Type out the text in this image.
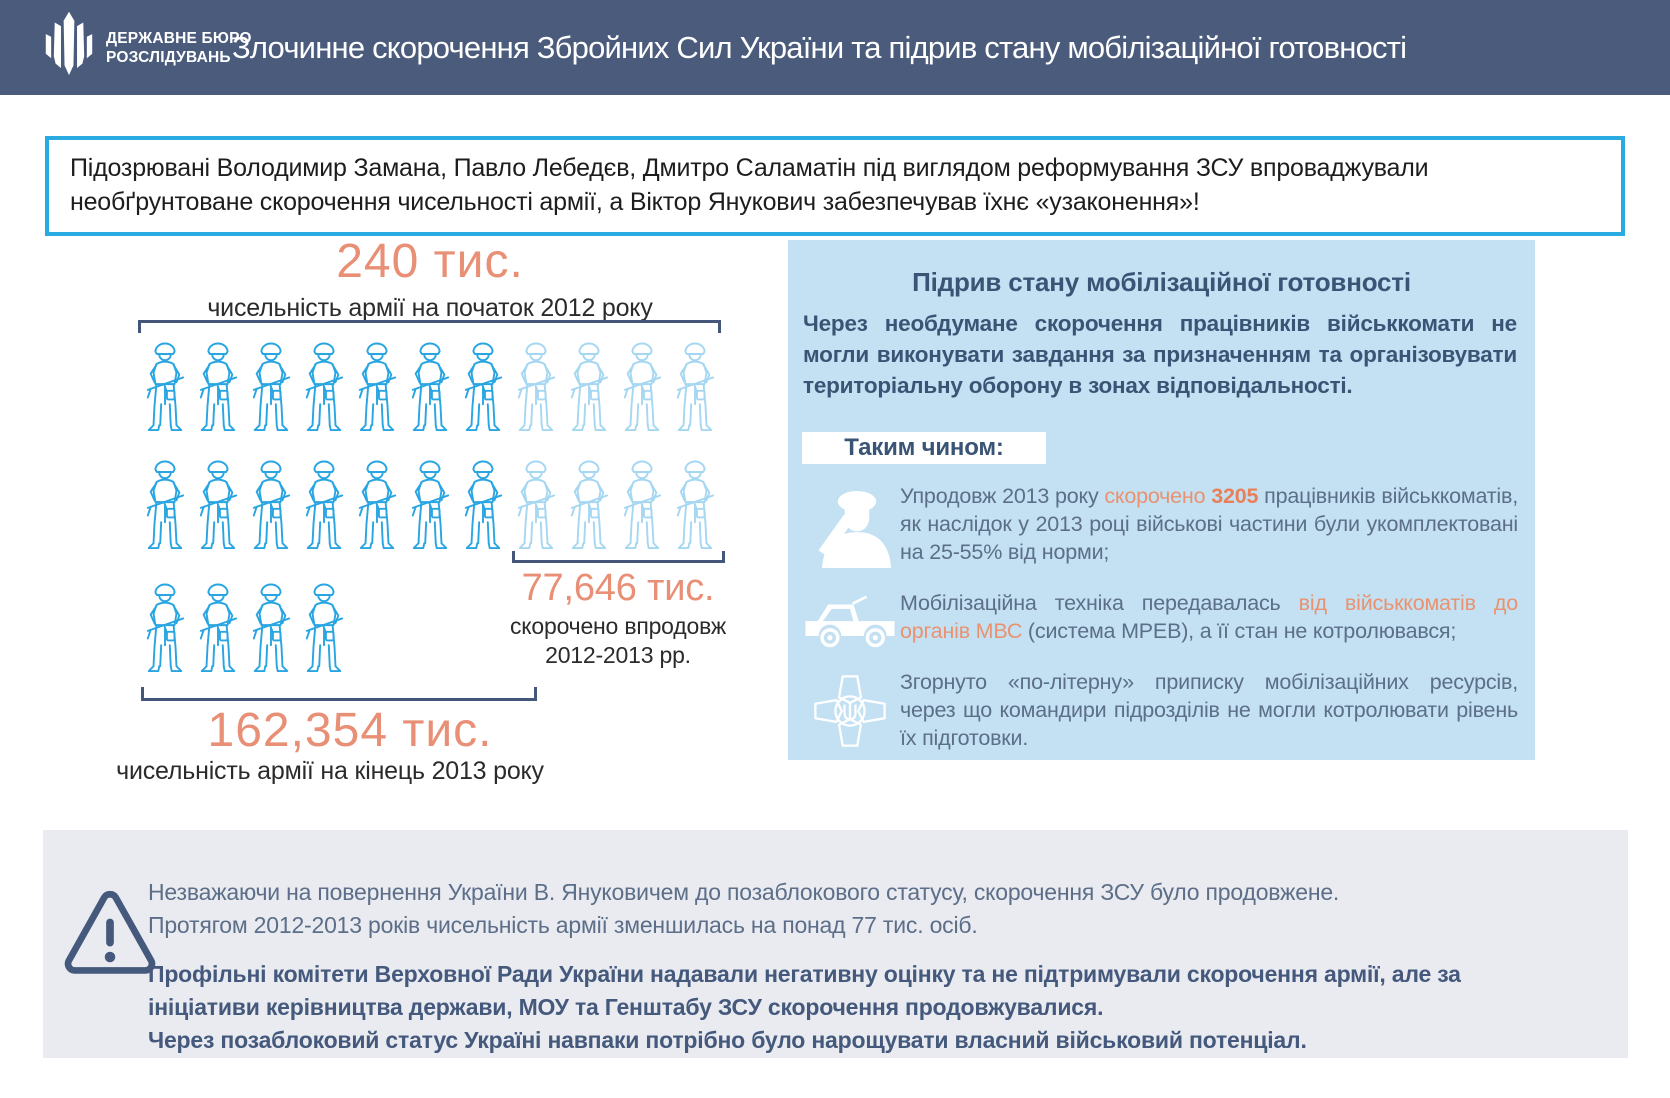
ДЕРЖАВНЕ БЮРО
РОЗСЛІДУВАНЬ Злочинне скорочення Збройних Сил України та підрив стану мобілізаційної готовності
Підозрювані Володимир Замана, Павло Лебедєв, Дмитро Саламатін під виглядом реформування ЗСУ впроваджували необґрунтоване скорочення чисельності армії, а Віктор Янукович забезпечував їхнє «узаконення»!
240 тис.
чисельність армії на початок 2012 року
77,646 тис.
скорочено впродовж
2012-2013 рр.
162,354 тис.
чисельність армії на кінець 2013 року
Підрив стану мобілізаційної готовності
Через необдумане скорочення працівників військкомати не могли виконувати завдання за призначенням та організовувати територіальну оборону в зонах відповідальності.
Таким чином:
Упродовж 2013 року скорочено 3205 працівників військкоматів, як наслідок у 2013 році військові частини були укомплектовані на 25-55% від норми;
Мобілізаційна техніка передавалась від військкоматів до органів МВС (система МРЕВ), а її стан не котролювався;
Згорнуто «по-літерну» приписку мобілізаційних ресурсів, через що командири підрозділів не могли котролювати рівень їх підготовки.
Незважаючи на повернення України В. Януковичем до позаблокового статусу, скорочення ЗСУ було продовжене.
Протягом 2012-2013 років чисельність армії зменшилась на понад 77 тис. осіб.
Профільні комітети Верховної Ради України надавали негативну оцінку та не підтримували скорочення армії, але за ініціативи керівництва держави, МОУ та Генштабу ЗСУ скорочення продовжувалися.
Через позаблоковий статус Україні навпаки потрібно було нарощувати власний військовий потенціал.
